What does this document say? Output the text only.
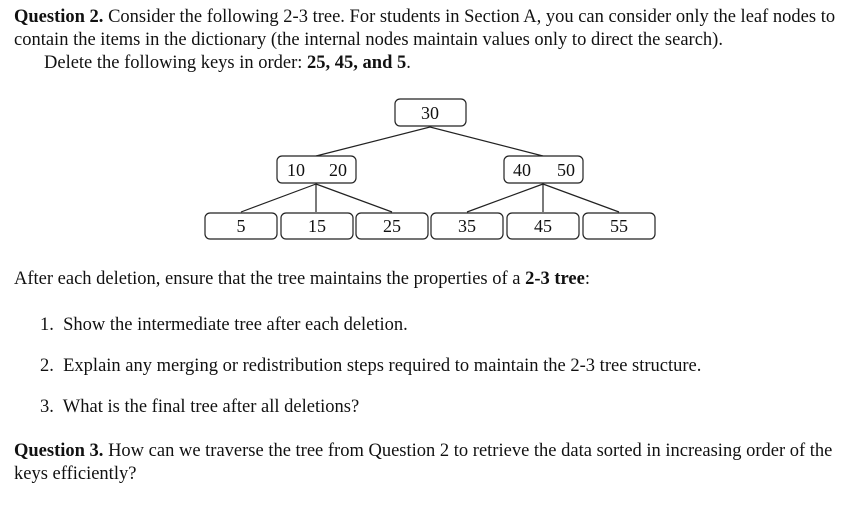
Question 2. Consider the following 2-3 tree. For students in Section A, you can consider only the leaf nodes to contain the items in the dictionary (the internal nodes maintain values only to direct the search).
Delete the following keys in order: 25, 45, and 5.
30
10 20	40 50
5	15	25	35	45	55
After each deletion, ensure that the tree maintains the properties of a 2-3 tree:
1. Show the intermediate tree after each deletion.
2. Explain any merging or redistribution steps required to maintain the 2-3 tree structure.
3. What is the final tree after all deletions?
Question 3. How can we traverse the tree from Question 2 to retrieve the data sorted in increasing order of the keys efficiently?
